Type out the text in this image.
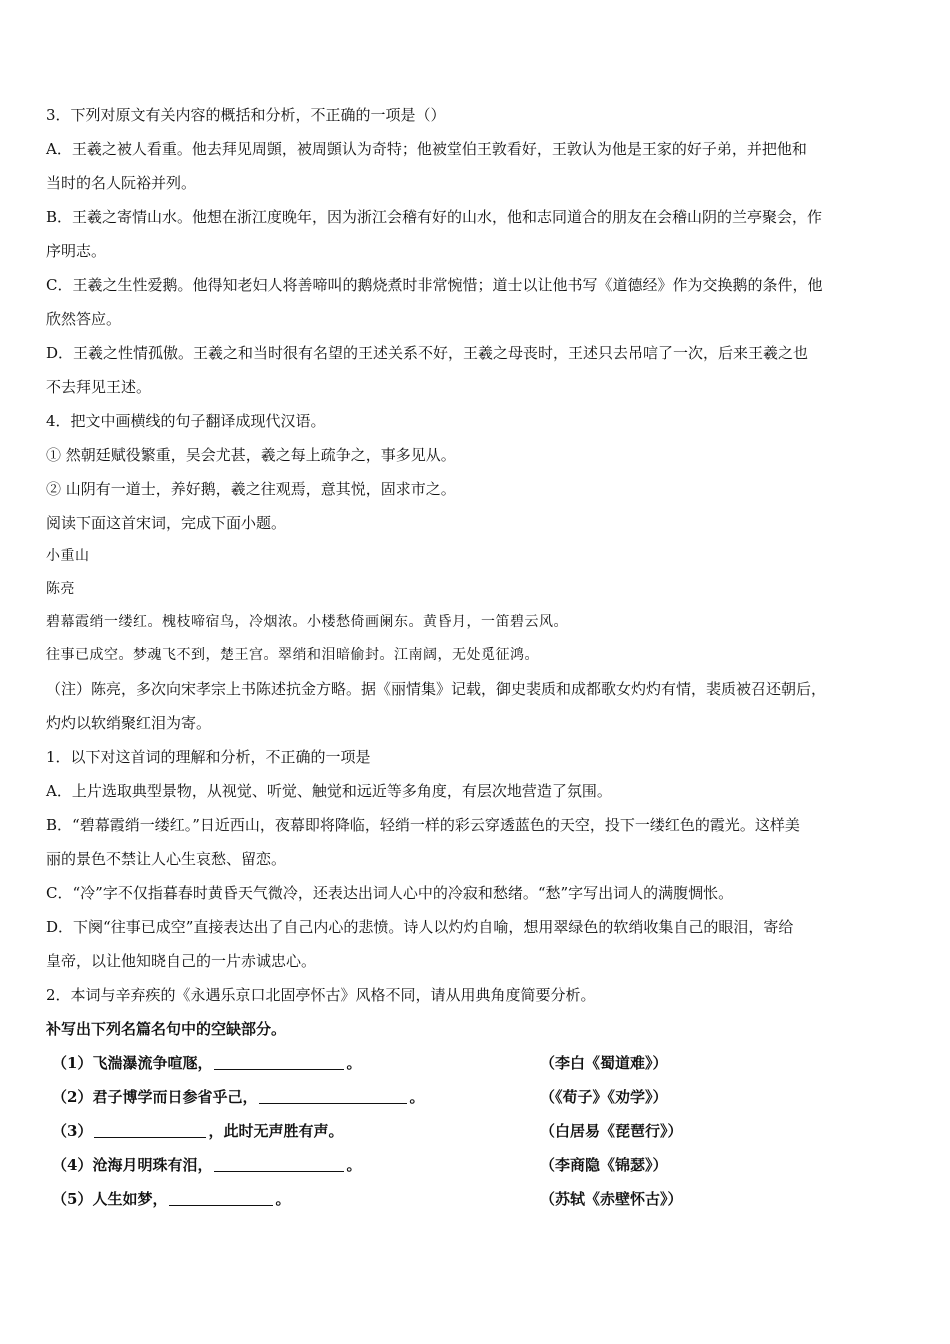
3．下列对原文有关内容的概括和分析，不正确的一项是（）

A．王羲之被人看重。他去拜见周顗，被周顗认为奇特；他被堂伯王敦看好，王敦认为他是王家的好子弟，并把他和

当时的名人阮裕并列。

B．王羲之寄情山水。他想在浙江度晚年，因为浙江会稽有好的山水，他和志同道合的朋友在会稽山阴的兰亭聚会，作

序明志。

C．王羲之生性爱鹅。他得知老妇人将善啼叫的鹅烧煮时非常惋惜；道士以让他书写《道德经》作为交换鹅的条件，他

欣然答应。

D．王羲之性情孤傲。王羲之和当时很有名望的王述关系不好，王羲之母丧时，王述只去吊唁了一次，后来王羲之也

不去拜见王述。

4．把文中画横线的句子翻译成现代汉语。

① 然朝廷赋役繁重，吴会尤甚，羲之每上疏争之，事多见从。

② 山阴有一道士，养好鹅，羲之往观焉，意其悦，固求市之。

阅读下面这首宋词，完成下面小题。

小重山

陈亮

碧幕霞绡一缕红。槐枝啼宿鸟，冷烟浓。小楼愁倚画阑东。黄昏月，一笛碧云风。

往事已成空。梦魂飞不到，楚王宫。翠绡和泪暗偷封。江南阔，无处觅征鸿。

（注）陈亮，多次向宋孝宗上书陈述抗金方略。据《丽情集》记载，御史裴质和成都歌女灼灼有情，裴质被召还朝后，

灼灼以软绡聚红泪为寄。

1．以下对这首词的理解和分析，不正确的一项是

A．上片选取典型景物，从视觉、听觉、触觉和远近等多角度，有层次地营造了氛围。

B．“碧幕霞绡一缕红。”日近西山，夜幕即将降临，轻绡一样的彩云穿透蓝色的天空，投下一缕红色的霞光。这样美

丽的景色不禁让人心生哀愁、留恋。

C．“冷”字不仅指暮春时黄昏天气微冷，还表达出词人心中的冷寂和愁绪。“愁”字写出词人的满腹惆怅。

D．下阕“往事已成空”直接表达出了自己内心的悲愤。诗人以灼灼自喻，想用翠绿色的软绡收集自己的眼泪，寄给

皇帝，以让他知晓自己的一片赤诚忠心。

2．本词与辛弃疾的《永遇乐京口北固亭怀古》风格不同，请从用典角度简要分析。

补写出下列名篇名句中的空缺部分。

（1）飞湍瀑流争喧豗，	。	（李白《蜀道难》）
（2）君子博学而日参省乎己，	。	（《荀子》《劝学》）
（3）	，此时无声胜有声。	（白居易《琵琶行》）
（4）沧海月明珠有泪，	。	（李商隐《锦瑟》）
（5）人生如梦，	。	（苏轼《赤壁怀古》）
